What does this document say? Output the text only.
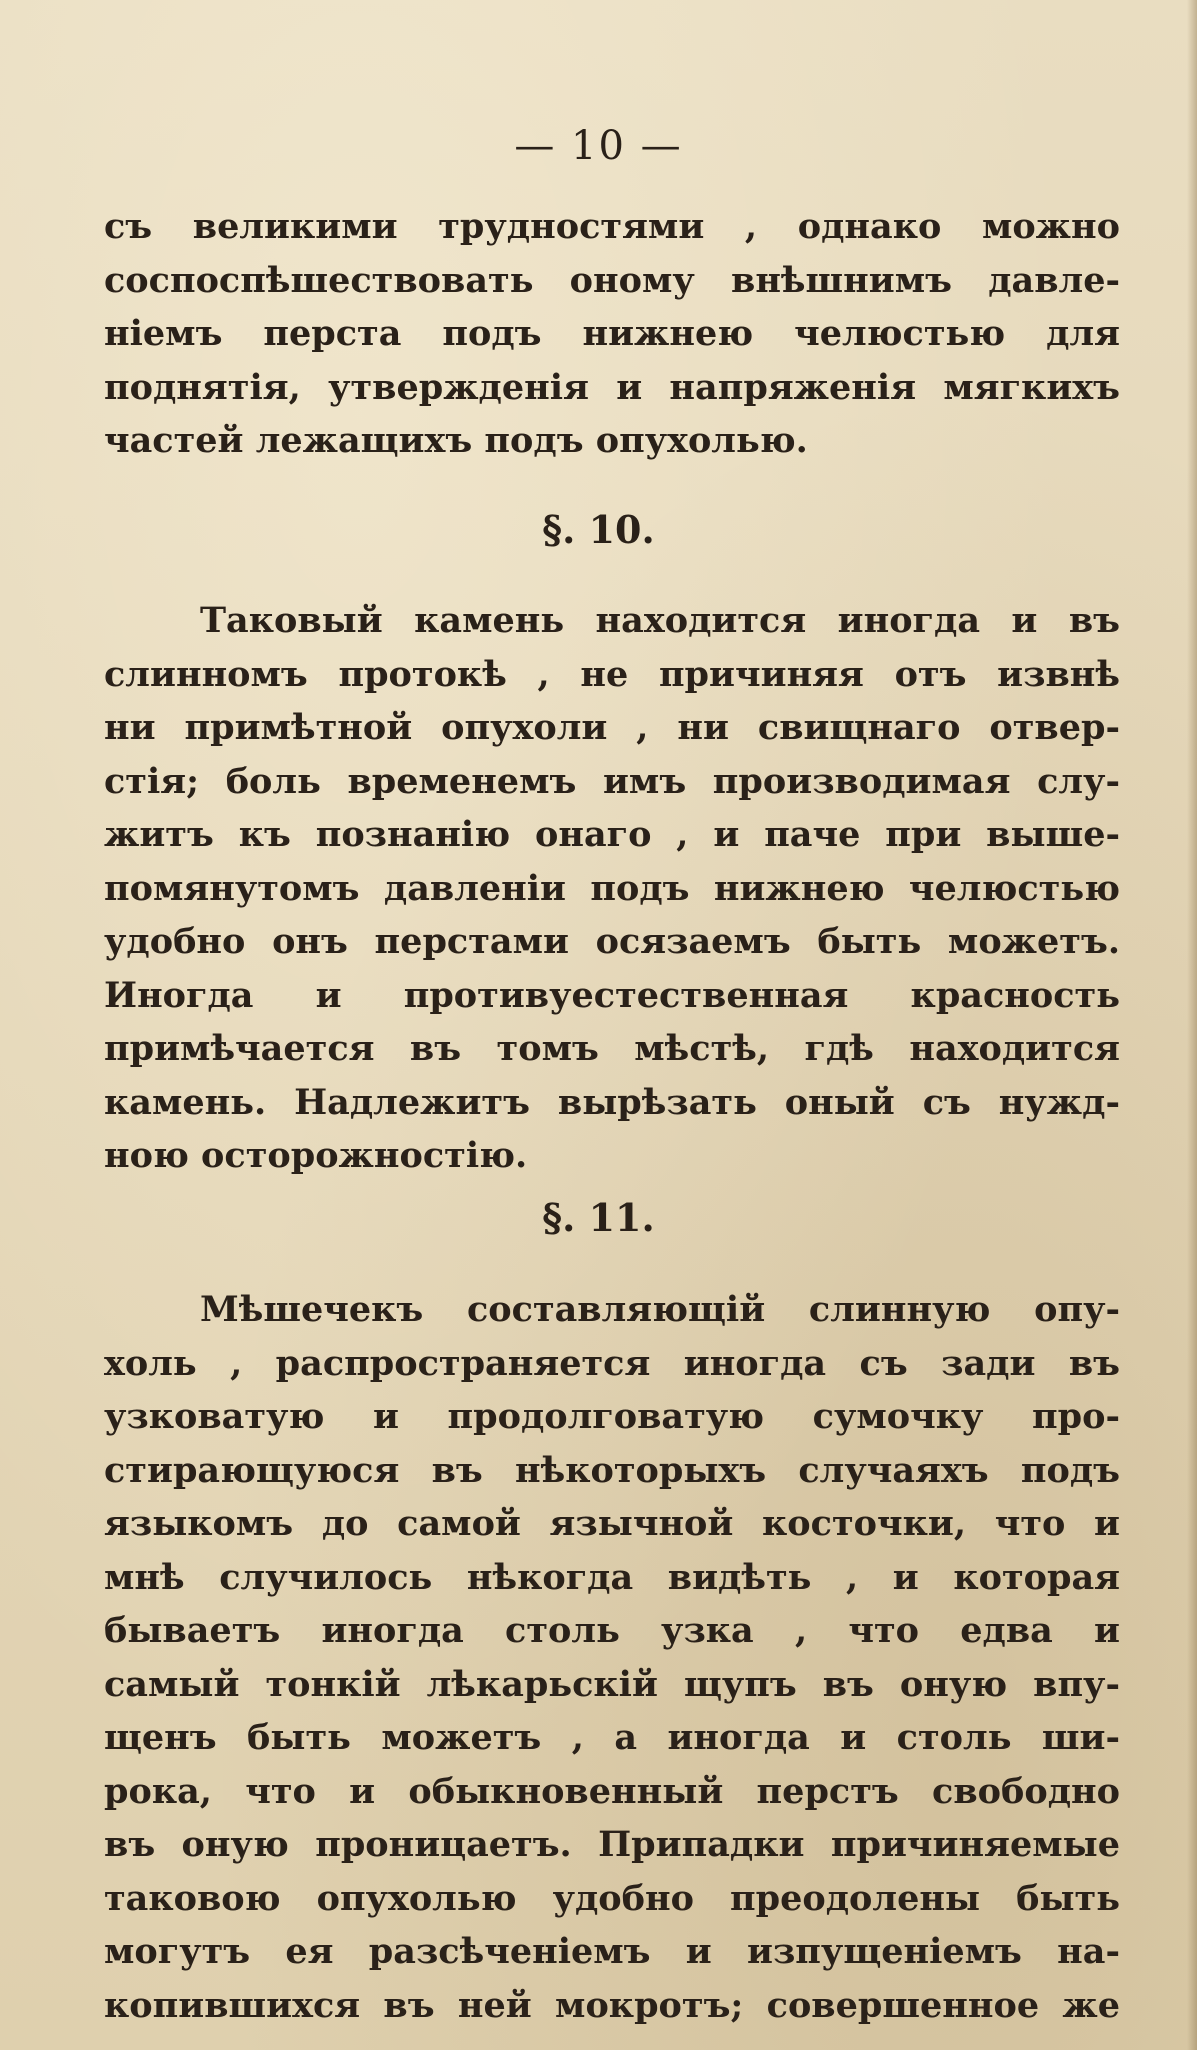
— 10 —
съ великими трудностями , однако можно
соспоспѣшествовать оному внѣшнимъ давле-
нiемъ перста подъ нижнею челюстью для
поднятiя, утвержденiя и напряженiя мягкихъ
частей лежащихъ подъ опухолью.
§. 10.
Таковый камень находится иногда и въ
слинномъ протокѣ , не причиняя отъ извнѣ
ни примѣтной опухоли , ни свищнаго отвер-
стiя; боль временемъ имъ производимая слу-
житъ къ познанiю онаго , и паче при выше-
помянутомъ давленiи подъ нижнею челюстью
удобно онъ перстами осязаемъ быть можетъ.
Иногда и противуестественная красность
примѣчается въ томъ мѣстѣ, гдѣ находится
камень. Надлежитъ вырѣзать оный съ нужд-
ною осторожностiю.
§. 11.
Мѣшечекъ составляющiй слинную опу-
холь , распространяется иногда съ зади въ
узковатую и продолговатую сумочку про-
стирающуюся въ нѣкоторыхъ случаяхъ подъ
языкомъ до самой язычной косточки, что и
мнѣ случилось нѣкогда видѣть , и которая
бываетъ иногда столь узка , что едва и
самый тонкiй лѣкарьскiй щупъ въ оную впу-
щенъ быть можетъ , а иногда и столь ши-
рока, что и обыкновенный перстъ свободно
въ оную проницаетъ. Припадки причиняемые
таковою опухолью удобно преодолены быть
могутъ ея разсѣченiемъ и изпущенiемъ на-
копившихся въ ней мокротъ; совершенное же
